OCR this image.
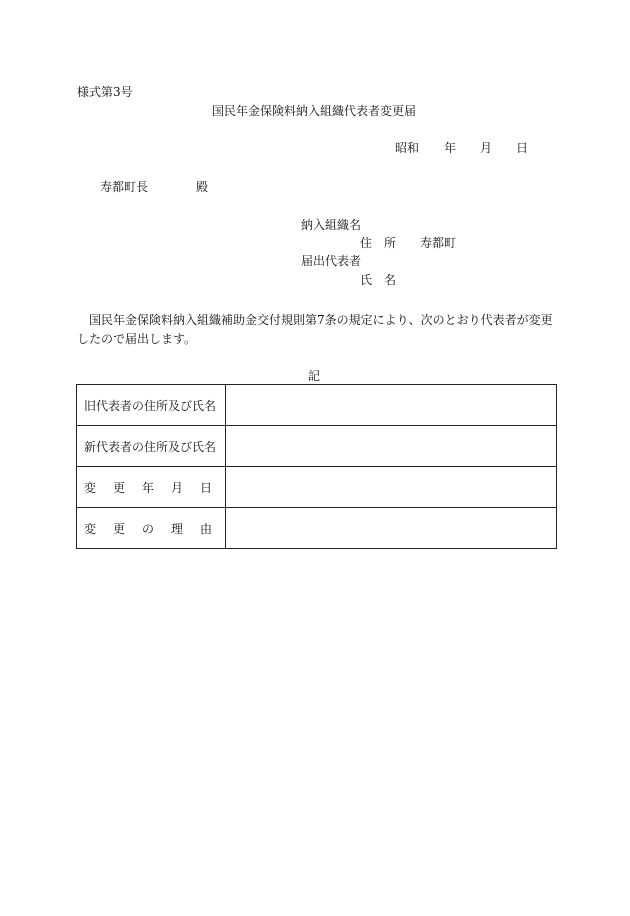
様式第3号
国民年金保険料納入組織代表者変更届
昭和 年 月 日
寿都町長	殿
納入組織名
住　所 寿都町
届出代表者
氏　名
国民年金保険料納入組織補助金交付規則第7条の規定により、次のとおり代表者が変更したので届出します。
記
旧代表者の住所及び氏名	
新代表者の住所及び氏名	

変 更 年 月 日	

変 更 の 理 由	
